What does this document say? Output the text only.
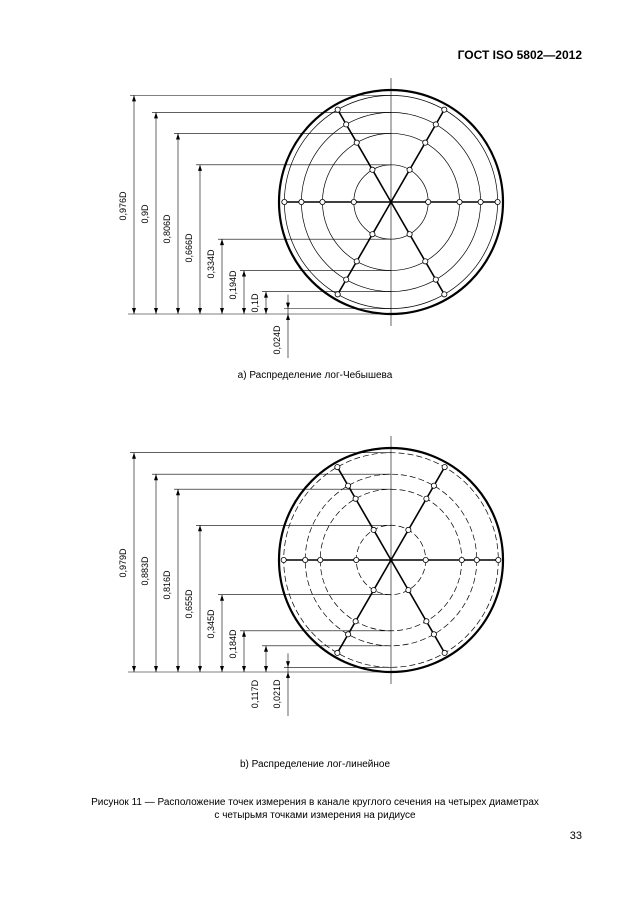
ГОСТ ISO 5802—2012
0,976D 0,9D
0,806D
0,666D
0,334D
0,194D
0,1D
0,024D
a) Распределение лог-Чебышева
0,979D 0,883D 0,816D
0,655D
0,345D
0,184D
0,117D 0,021D
b) Распределение лог-линейное
Рисунок 11 — Расположение точек измерения в канале круглого сечения на четырех диаметрах
с четырьмя точками измерения на ридиусе
33
